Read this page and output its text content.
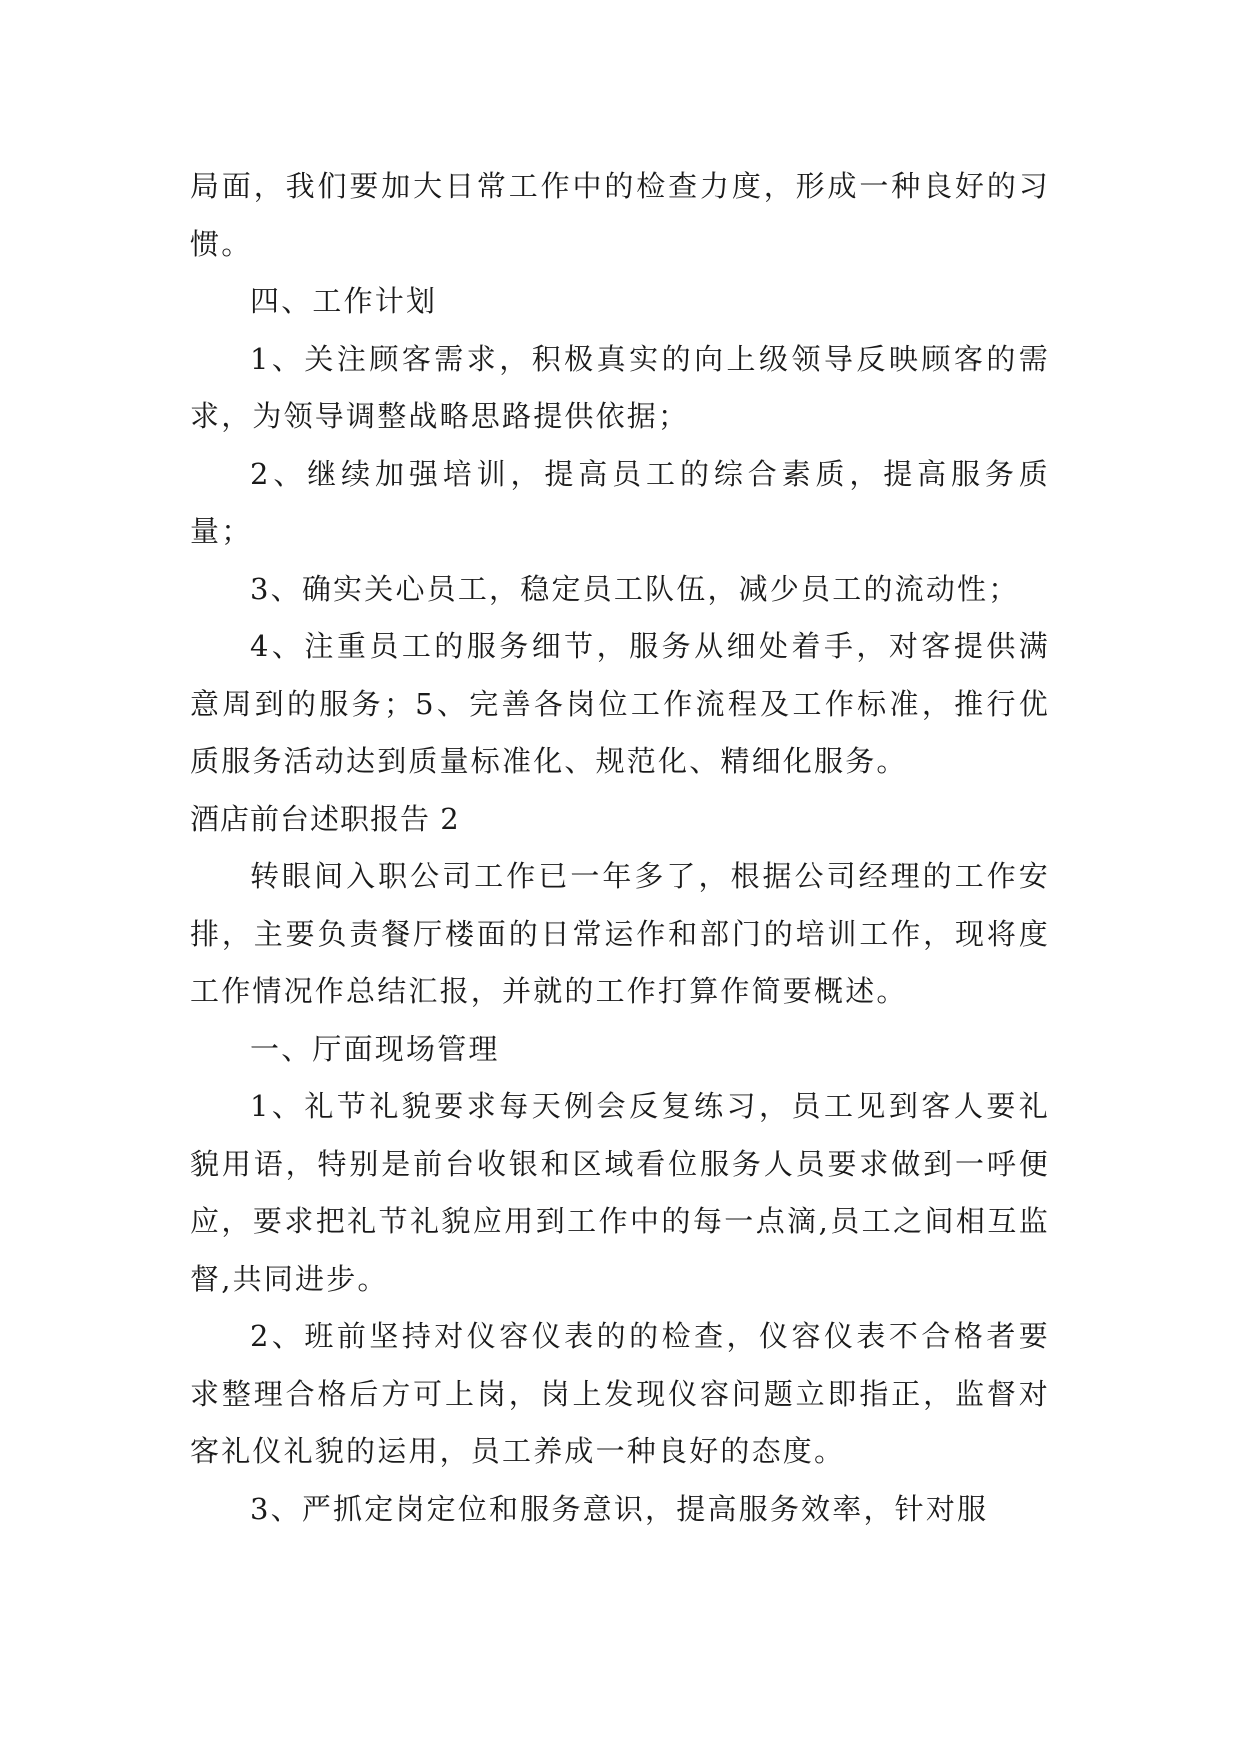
局面，我们要加大日常工作中的检查力度，形成一种良好的习惯。

四、工作计划

1、关注顾客需求，积极真实的向上级领导反映顾客的需求，为领导调整战略思路提供依据；

2、继续加强培训，提高员工的综合素质，提高服务质量；

3、确实关心员工，稳定员工队伍，减少员工的流动性；

4、注重员工的服务细节，服务从细处着手，对客提供满意周到的服务；5、完善各岗位工作流程及工作标准，推行优质服务活动达到质量标准化、规范化、精细化服务。

酒店前台述职报告 2

转眼间入职公司工作已一年多了，根据公司经理的工作安排，主要负责餐厅楼面的日常运作和部门的培训工作，现将度工作情况作总结汇报，并就的工作打算作简要概述。

一、厅面现场管理

1、礼节礼貌要求每天例会反复练习，员工见到客人要礼貌用语，特别是前台收银和区域看位服务人员要求做到一呼便应，要求把礼节礼貌应用到工作中的每一点滴,员工之间相互监督,共同进步。

2、班前坚持对仪容仪表的的检查，仪容仪表不合格者要求整理合格后方可上岗，岗上发现仪容问题立即指正，监督对客礼仪礼貌的运用，员工养成一种良好的态度。

3、严抓定岗定位和服务意识，提高服务效率，针对服
